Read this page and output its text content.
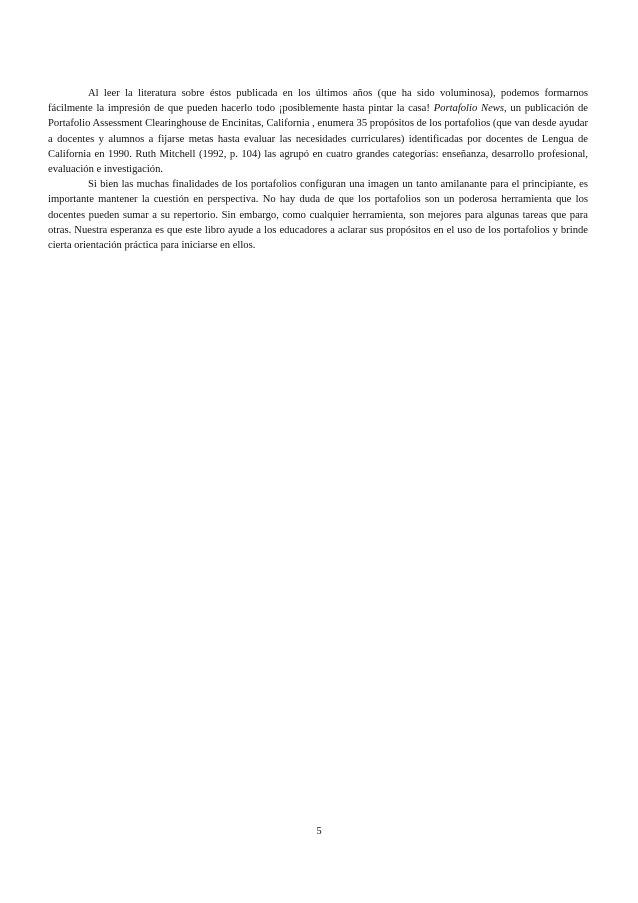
Al leer la literatura sobre éstos publicada en los últimos años (que ha sido voluminosa), podemos formarnos fácilmente la impresión de que pueden hacerlo todo ¡posiblemente hasta pintar la casa! Portafolio News, un publicación de Portafolio Assessment Clearinghouse de Encinitas, California , enumera 35 propósitos de los portafolios (que van desde ayudar a docentes y alumnos a fijarse metas hasta evaluar las necesidades curriculares) identificadas por docentes de Lengua de California en 1990. Ruth Mitchell (1992, p. 104) las agrupó en cuatro grandes categorías: enseñanza, desarrollo profesional, evaluación e investigación.

Si bien las muchas finalidades de los portafolios configuran una imagen un tanto amilanante para el principiante, es importante mantener la cuestión en perspectiva. No hay duda de que los portafolios son un poderosa herramienta que los docentes pueden sumar a su repertorio. Sin embargo, como cualquier herramienta, son mejores para algunas tareas que para otras. Nuestra esperanza es que este libro ayude a los educadores a aclarar sus propósitos en el uso de los portafolios y brinde cierta orientación práctica para iniciarse en ellos.

5
